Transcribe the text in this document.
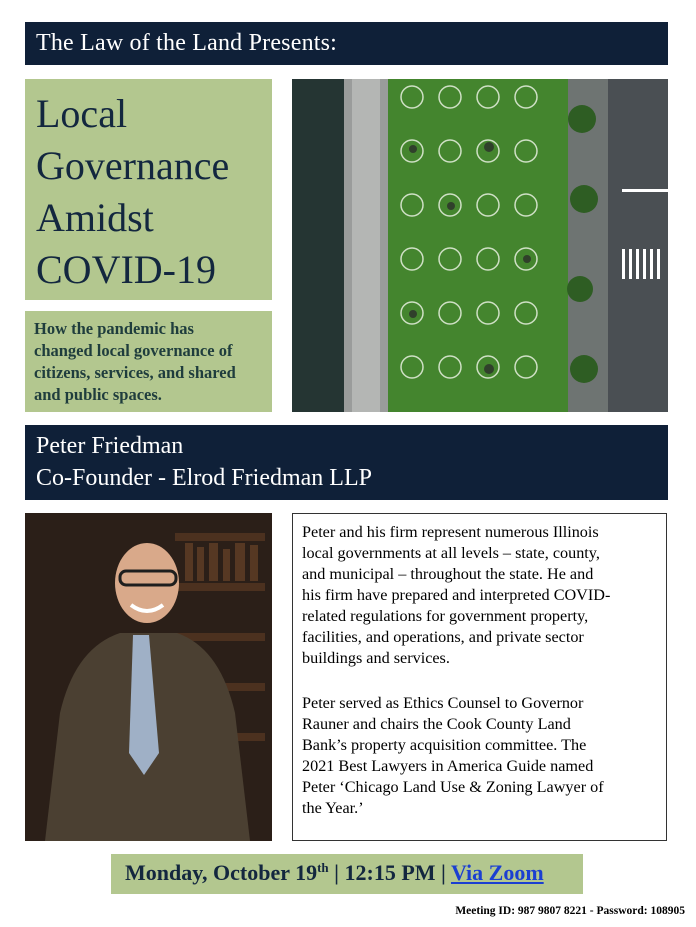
The Law of the Land Presents:
Local
Governance
Amidst
COVID-19
How the pandemic has
changed local governance of
citizens, services, and shared
and public spaces.
Peter Friedman
Co-Founder - Elrod Friedman LLP
Peter and his firm represent numerous Illinois
local governments at all levels – state, county,
and municipal – throughout the state. He and
his firm have prepared and interpreted COVID-
related regulations for government property,
facilities, and operations, and private sector
buildings and services.
Peter served as Ethics Counsel to Governor
Rauner and chairs the Cook County Land
Bank’s property acquisition committee. The
2021 Best Lawyers in America Guide named
Peter ‘Chicago Land Use & Zoning Lawyer of
the Year.’
Monday, October 19th | 12:15 PM | Via Zoom
Meeting ID: 987 9807 8221 - Password: 108905
